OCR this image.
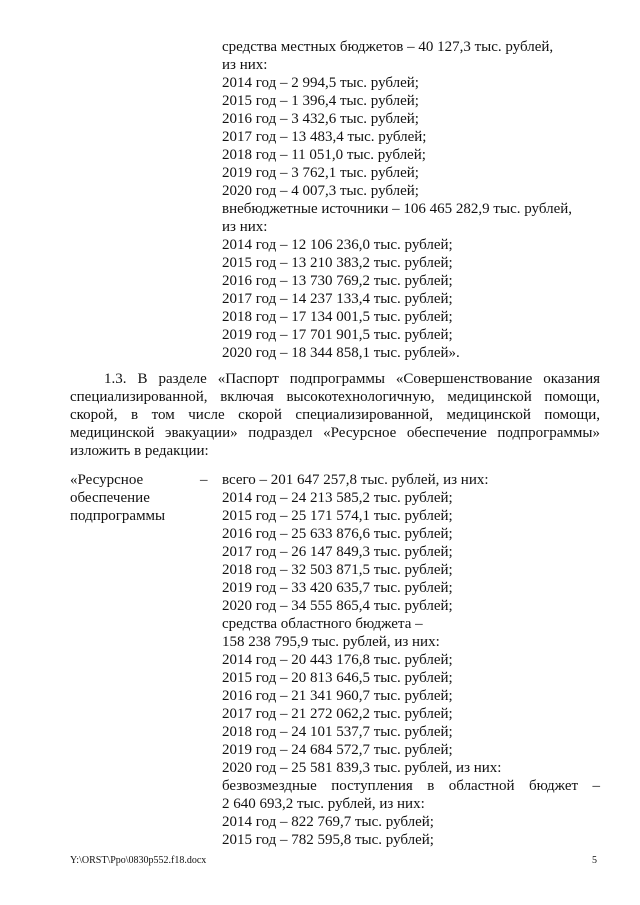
средства местных бюджетов – 40 127,3 тыс. рублей,
из них:
2014 год – 2 994,5 тыс. рублей;
2015 год – 1 396,4 тыс. рублей;
2016 год – 3 432,6 тыс. рублей;
2017 год – 13 483,4 тыс. рублей;
2018 год – 11 051,0 тыс. рублей;
2019 год – 3 762,1 тыс. рублей;
2020 год – 4 007,3 тыс. рублей;
внебюджетные источники – 106 465 282,9 тыс. рублей,
из них:
2014 год – 12 106 236,0 тыс. рублей;
2015 год – 13 210 383,2 тыс. рублей;
2016 год – 13 730 769,2 тыс. рублей;
2017 год – 14 237 133,4 тыс. рублей;
2018 год – 17 134 001,5 тыс. рублей;
2019 год – 17 701 901,5 тыс. рублей;
2020 год – 18 344 858,1 тыс. рублей».
1.3. В разделе «Паспорт подпрограммы «Совершенствование оказания
специализированной, включая высокотехнологичную, медицинской помощи,
скорой, в том числе скорой специализированной, медицинской помощи,
медицинской эвакуации» подраздел «Ресурсное обеспечение подпрограммы»
изложить в редакции:
«Ресурсное
обеспечение
подпрограммы
– всего – 201 647 257,8 тыс. рублей, из них:
2014 год – 24 213 585,2 тыс. рублей;
2015 год – 25 171 574,1 тыс. рублей;
2016 год – 25 633 876,6 тыс. рублей;
2017 год – 26 147 849,3 тыс. рублей;
2018 год – 32 503 871,5 тыс. рублей;
2019 год – 33 420 635,7 тыс. рублей;
2020 год – 34 555 865,4 тыс. рублей;
средства областного бюджета –
158 238 795,9 тыс. рублей, из них:
2014 год – 20 443 176,8 тыс. рублей;
2015 год – 20 813 646,5 тыс. рублей;
2016 год – 21 341 960,7 тыс. рублей;
2017 год – 21 272 062,2 тыс. рублей;
2018 год – 24 101 537,7 тыс. рублей;
2019 год – 24 684 572,7 тыс. рублей;
2020 год – 25 581 839,3 тыс. рублей, из них:
безвозмездные поступления в областной бюджет –
2 640 693,2 тыс. рублей, из них:
2014 год – 822 769,7 тыс. рублей;
2015 год – 782 595,8 тыс. рублей;
Y:\ORST\Ppo\0830p552.f18.docx	5
